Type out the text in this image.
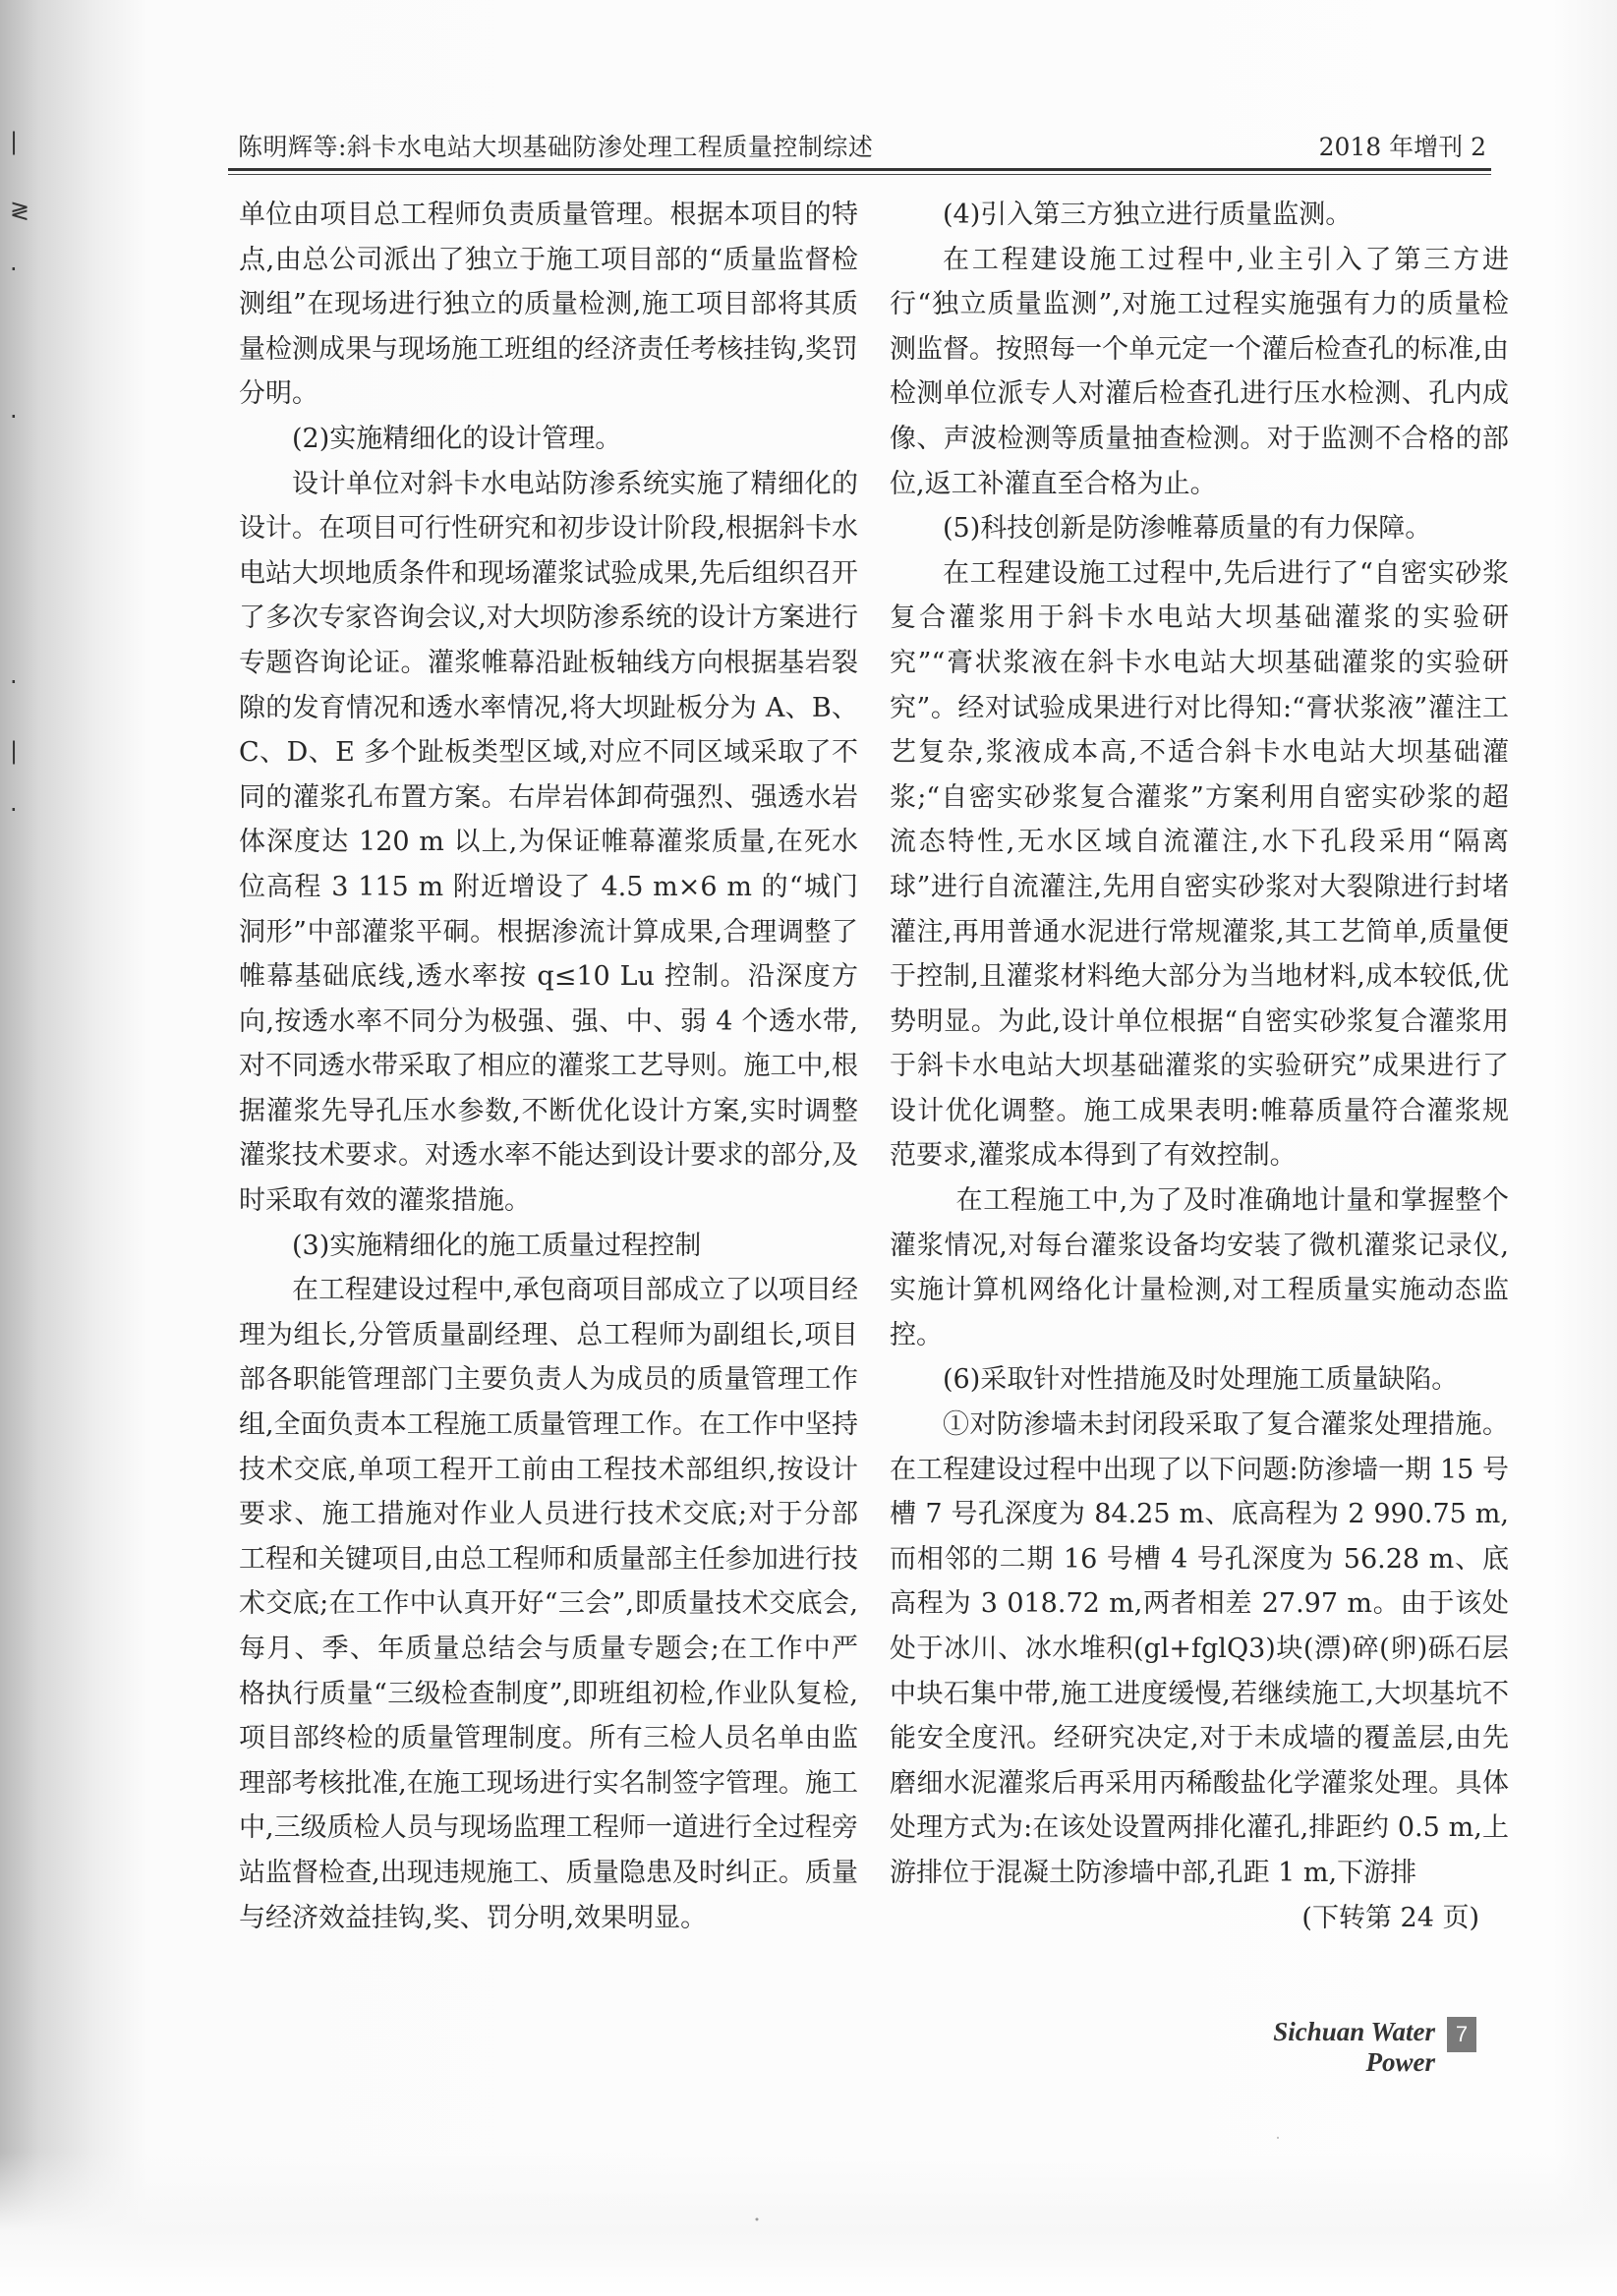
|
≷
·
·
·
|
·
陈明辉等:斜卡水电站大坝基础防渗处理工程质量控制综述	2018 年增刊 2

单位由项目总工程师负责质量管理。根据本项目的特点,由总公司派出了独立于施工项目部的“质量监督检测组”在现场进行独立的质量检测,施工项目部将其质量检测成果与现场施工班组的经济责任考核挂钩,奖罚分明。

(2)实施精细化的设计管理。

设计单位对斜卡水电站防渗系统实施了精细化的设计。在项目可行性研究和初步设计阶段,根据斜卡水电站大坝地质条件和现场灌浆试验成果,先后组织召开了多次专家咨询会议,对大坝防渗系统的设计方案进行专题咨询论证。灌浆帷幕沿趾板轴线方向根据基岩裂隙的发育情况和透水率情况,将大坝趾板分为 A、B、C、D、E 多个趾板类型区域,对应不同区域采取了不同的灌浆孔布置方案。右岸岩体卸荷强烈、强透水岩体深度达 120 m 以上,为保证帷幕灌浆质量,在死水位高程 3 115 m 附近增设了 4.5 m×6 m 的“城门洞形”中部灌浆平硐。根据渗流计算成果,合理调整了帷幕基础底线,透水率按 q≤10 Lu 控制。沿深度方向,按透水率不同分为极强、强、中、弱 4 个透水带,对不同透水带采取了相应的灌浆工艺导则。施工中,根据灌浆先导孔压水参数,不断优化设计方案,实时调整灌浆技术要求。对透水率不能达到设计要求的部分,及时采取有效的灌浆措施。

(3)实施精细化的施工质量过程控制

在工程建设过程中,承包商项目部成立了以项目经理为组长,分管质量副经理、总工程师为副组长,项目部各职能管理部门主要负责人为成员的质量管理工作组,全面负责本工程施工质量管理工作。在工作中坚持技术交底,单项工程开工前由工程技术部组织,按设计要求、施工措施对作业人员进行技术交底;对于分部工程和关键项目,由总工程师和质量部主任参加进行技术交底;在工作中认真开好“三会”,即质量技术交底会,每月、季、年质量总结会与质量专题会;在工作中严格执行质量“三级检查制度”,即班组初检,作业队复检,项目部终检的质量管理制度。所有三检人员名单由监理部考核批准,在施工现场进行实名制签字管理。施工中,三级质检人员与现场监理工程师一道进行全过程旁站监督检查,出现违规施工、质量隐患及时纠正。质量与经济效益挂钩,奖、罚分明,效果明显。

(4)引入第三方独立进行质量监测。

在工程建设施工过程中,业主引入了第三方进行“独立质量监测”,对施工过程实施强有力的质量检测监督。按照每一个单元定一个灌后检查孔的标准,由检测单位派专人对灌后检查孔进行压水检测、孔内成像、声波检测等质量抽查检测。对于监测不合格的部位,返工补灌直至合格为止。

(5)科技创新是防渗帷幕质量的有力保障。

在工程建设施工过程中,先后进行了“自密实砂浆复合灌浆用于斜卡水电站大坝基础灌浆的实验研究”“膏状浆液在斜卡水电站大坝基础灌浆的实验研究”。经对试验成果进行对比得知:“膏状浆液”灌注工艺复杂,浆液成本高,不适合斜卡水电站大坝基础灌浆;“自密实砂浆复合灌浆”方案利用自密实砂浆的超流态特性,无水区域自流灌注,水下孔段采用“隔离球”进行自流灌注,先用自密实砂浆对大裂隙进行封堵灌注,再用普通水泥进行常规灌浆,其工艺简单,质量便于控制,且灌浆材料绝大部分为当地材料,成本较低,优势明显。为此,设计单位根据“自密实砂浆复合灌浆用于斜卡水电站大坝基础灌浆的实验研究”成果进行了设计优化调整。施工成果表明:帷幕质量符合灌浆规范要求,灌浆成本得到了有效控制。

在工程施工中,为了及时准确地计量和掌握整个灌浆情况,对每台灌浆设备均安装了微机灌浆记录仪,实施计算机网络化计量检测,对工程质量实施动态监控。

(6)采取针对性措施及时处理施工质量缺陷。

①对防渗墙未封闭段采取了复合灌浆处理措施。在工程建设过程中出现了以下问题:防渗墙一期 15 号槽 7 号孔深度为 84.25 m、底高程为 2 990.75 m,而相邻的二期 16 号槽 4 号孔深度为 56.28 m、底高程为 3 018.72 m,两者相差 27.97 m。由于该处处于冰川、冰水堆积(gl+fglQ3)块(漂)碎(卵)砾石层中块石集中带,施工进度缓慢,若继续施工,大坝基坑不能安全度汛。经研究决定,对于未成墙的覆盖层,由先磨细水泥灌浆后再采用丙稀酸盐化学灌浆处理。具体处理方式为:在该处设置两排化灌孔,排距约 0.5 m,上游排位于混凝土防渗墙中部,孔距 1 m,下游排

(下转第 24 页)

Sichuan Water Power
7
